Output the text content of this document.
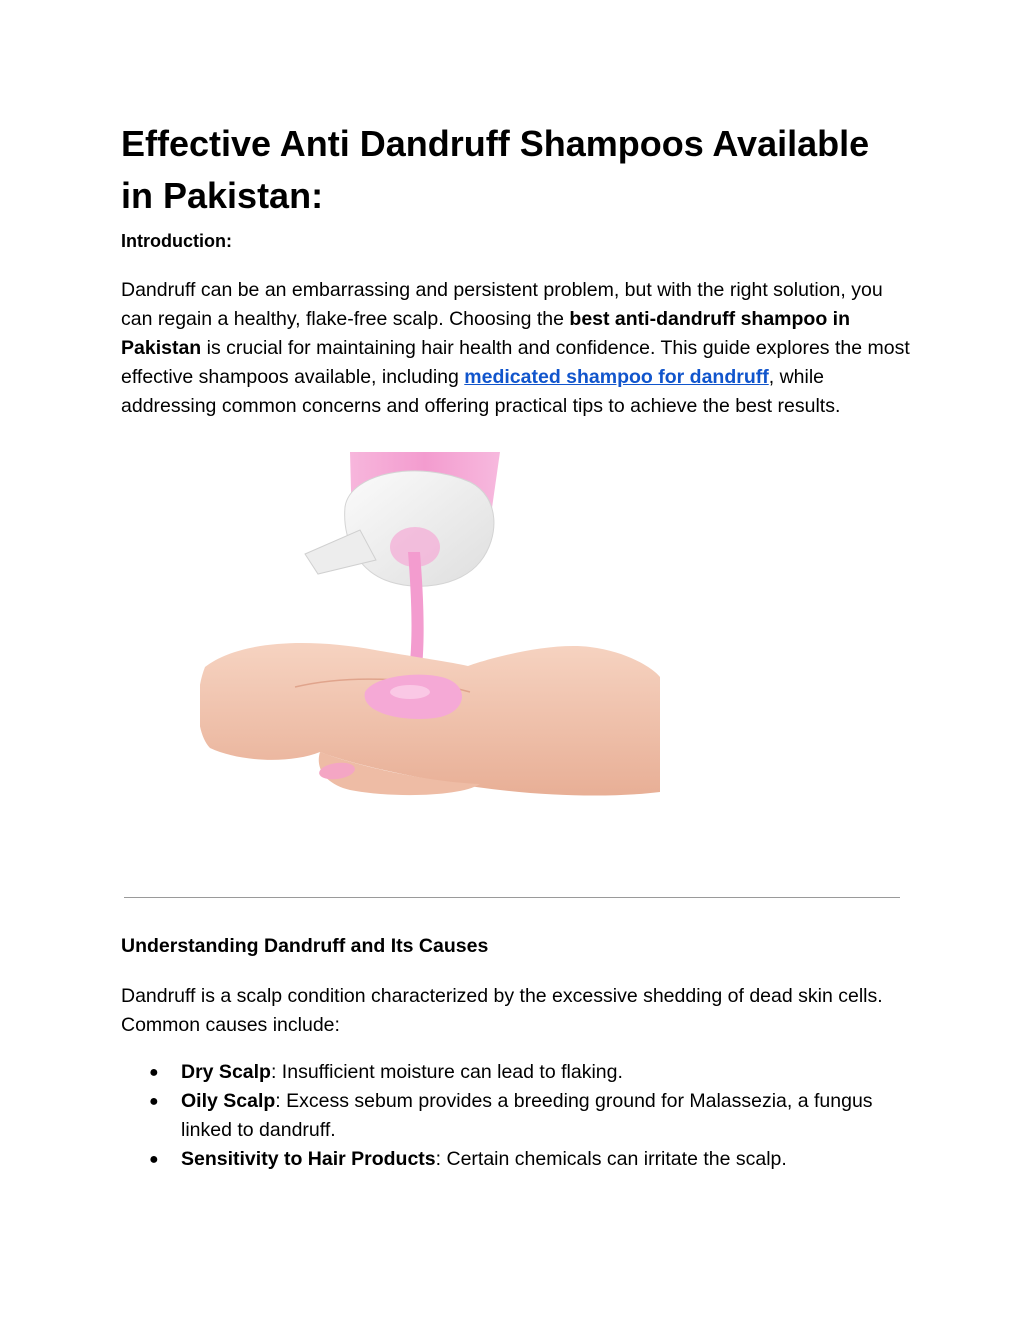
Effective Anti Dandruff Shampoos Available in Pakistan:
Introduction:

Dandruff can be an embarrassing and persistent problem, but with the right solution, you can regain a healthy, flake-free scalp. Choosing the best anti-dandruff shampoo in Pakistan is crucial for maintaining hair health and confidence. This guide explores the most effective shampoos available, including medicated shampoo for dandruff, while addressing common concerns and offering practical tips to achieve the best results.

Understanding Dandruff and Its Causes

Dandruff is a scalp condition characterized by the excessive shedding of dead skin cells. Common causes include:

● Dry Scalp: Insufficient moisture can lead to flaking.
● Oily Scalp: Excess sebum provides a breeding ground for Malassezia, a fungus linked to dandruff.
● Sensitivity to Hair Products: Certain chemicals can irritate the scalp.
